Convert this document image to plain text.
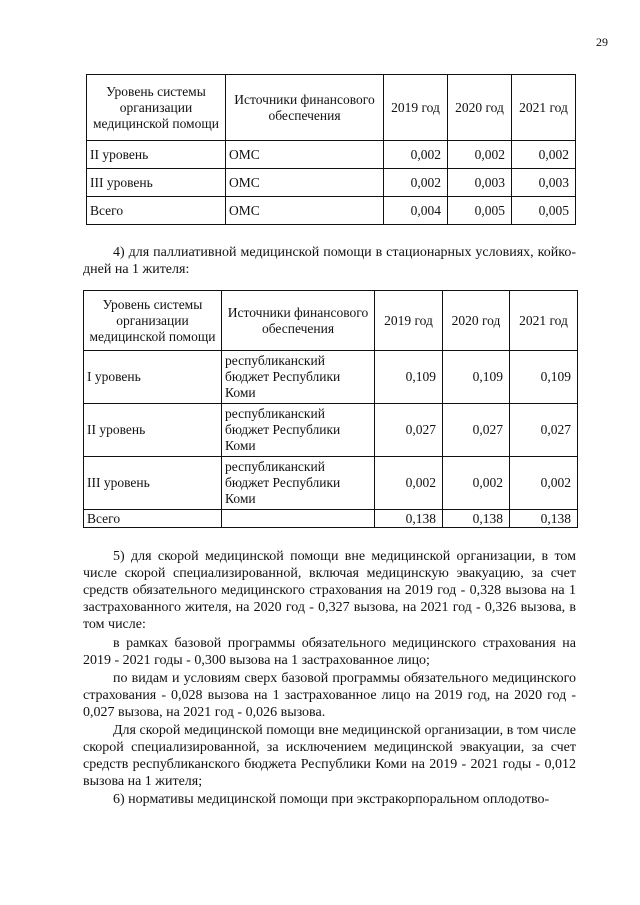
29
Уровень системы организации медицинской помощи	Источники финансового обеспечения	2019 год	2020 год	2021 год
II уровень	ОМС	0,002	0,002	0,002
III уровень	ОМС	0,002	0,003	0,003
Всего	ОМС	0,004	0,005	0,005

4) для паллиативной медицинской помощи в стационарных условиях, койко-дней на 1 жителя:

Уровень системы организации медицинской помощи	Источники финансового обеспечения	2019 год	2020 год	2021 год
I уровень	республиканский бюджет Республики Коми	0,109	0,109	0,109
II уровень	республиканский бюджет Республики Коми	0,027	0,027	0,027
III уровень	республиканский бюджет Республики Коми	0,002	0,002	0,002
Всего		0,138	0,138	0,138

5) для скорой медицинской помощи вне медицинской организации, в том числе скорой специализированной, включая медицинскую эвакуацию, за счет средств обязательного медицинского страхования на 2019 год - 0,328 вызова на 1 застрахованного жителя, на 2020 год - 0,327 вызова, на 2021 год - 0,326 вызова, в том числе:

в рамках базовой программы обязательного медицинского страхования на 2019 - 2021 годы - 0,300 вызова на 1 застрахованное лицо;

по видам и условиям сверх базовой программы обязательного медицинского страхования - 0,028 вызова на 1 застрахованное лицо на 2019 год, на 2020 год - 0,027 вызова, на 2021 год - 0,026 вызова.

Для скорой медицинской помощи вне медицинской организации, в том числе скорой специализированной, за исключением медицинской эвакуации, за счет средств республиканского бюджета Республики Коми на 2019 - 2021 годы - 0,012 вызова на 1 жителя;

6) нормативы медицинской помощи при экстракорпоральном оплодотво-
